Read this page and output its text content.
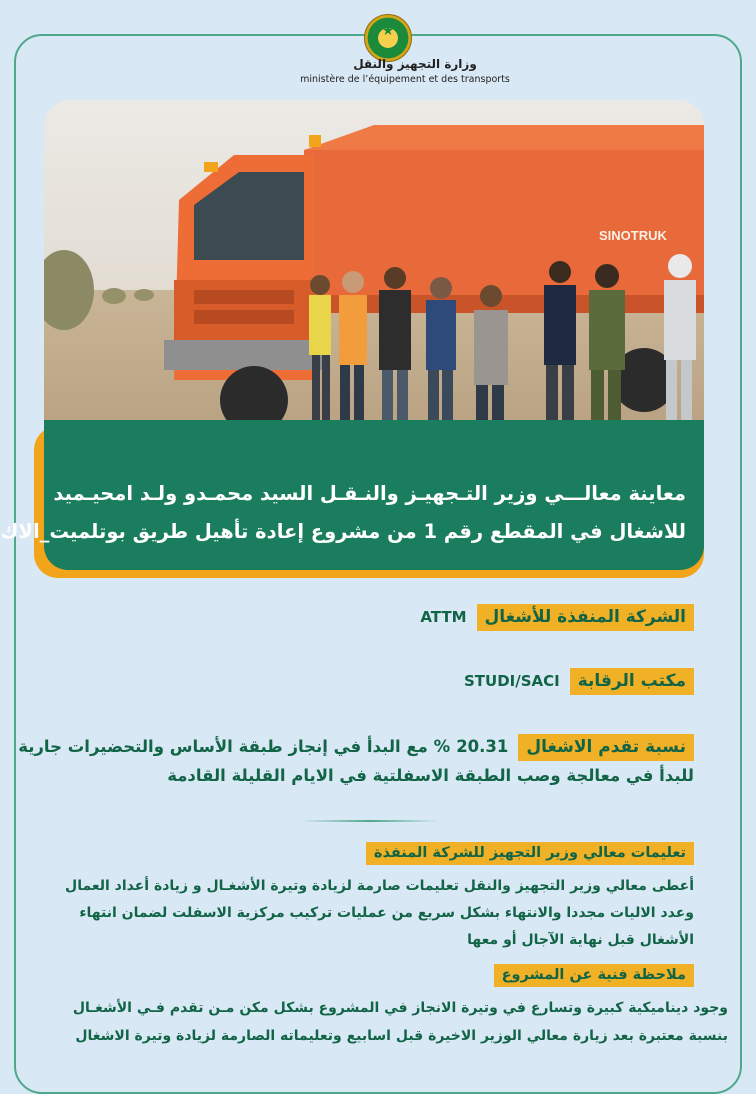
★
وزارة التجهيز والنقل
ministère de l’équipement et des transports
SINOTRUK
معاينة معالـــي وزير التـجهيـز والنـقـل السيد محمـدو ولـد امحيـميد
للاشغال في المقطع رقم 1 من مشروع إعادة تأهيل طريق بوتلميت_الاك
الشركة المنفذة للأشغالATTM
مكتب الرقابةSTUDI/SACI
نسبة تقدم الاشغال20.31% مع البدأ في إنجاز طبقة الأساس والتحضيرات جارية
للبدأ في معالجة وصب الطبقة الاسفلتية في الايام القليلة القادمة
تعليمات معالي وزير التجهيز للشركة المنفذة
أعطى معالي وزير التجهيز والنقل تعليمات صارمة لزيادة وتيرة الأشغـال و زيادة أعداد العمال
وعدد الاليات مجددا والانتهاء بشكل سريع من عمليات تركيب مركزية الاسفلت لضمان انتهاء
الأشغال قبل نهاية الآجال أو معها
ملاحظة فنية عن المشروع
وجود ديناميكية كبيرة وتسارع في وتيرة الانجاز في المشروع بشكل مكن مـن تقدم فـي الأشغـال
بنسبة معتبرة بعد زيارة معالي الوزير الاخيرة قبل اسابيع وتعليماته الصارمة لزيادة وتيرة الاشغال
